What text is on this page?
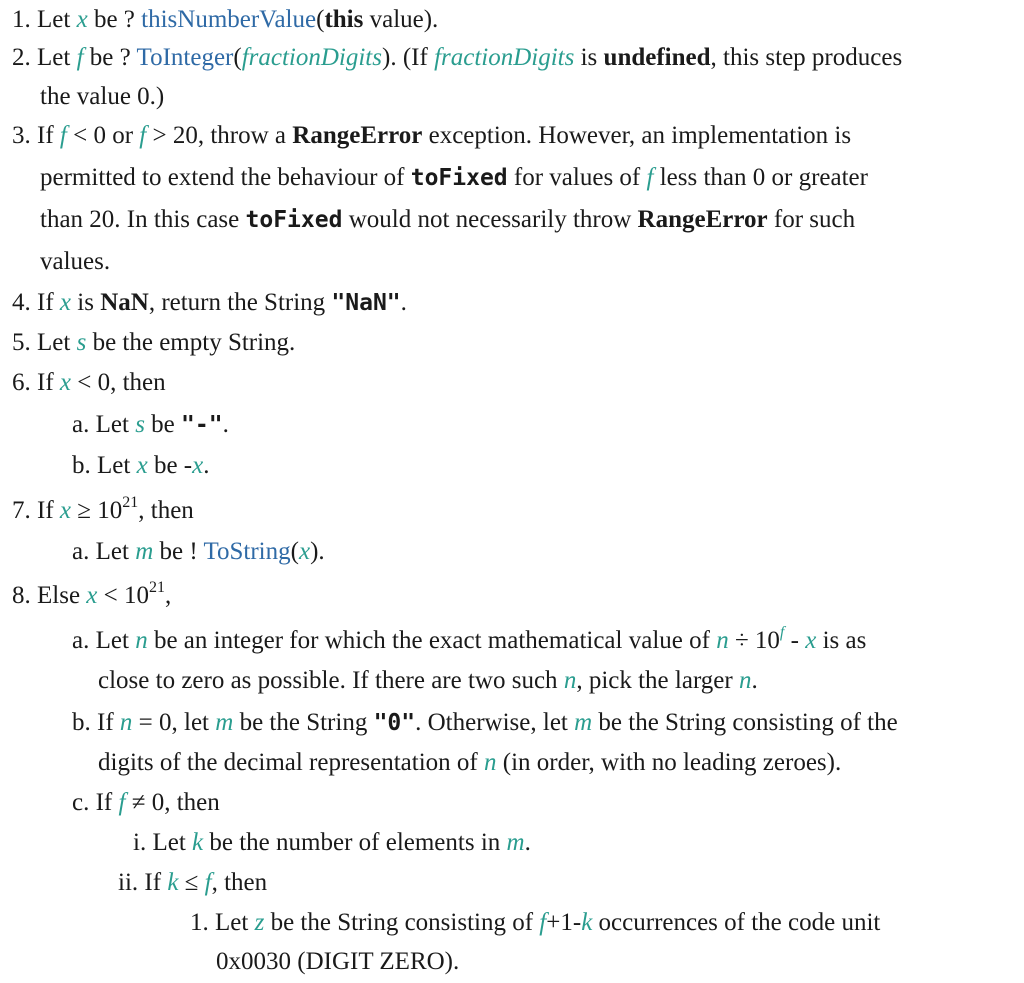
1. Let x be ? thisNumberValue(this value).
2. Let f be ? ToInteger(fractionDigits). (If fractionDigits is undefined, this step produces
the value 0.)
3. If f < 0 or f > 20, throw a RangeError exception. However, an implementation is
permitted to extend the behaviour of toFixed for values of f less than 0 or greater
than 20. In this case toFixed would not necessarily throw RangeError for such
values.
4. If x is NaN, return the String "NaN".
5. Let s be the empty String.
6. If x < 0, then
a. Let s be "-".
b. Let x be -x.
7. If $x \ge 10^{21}$, then
a. Let m be ! ToString(x).
8. Else $x < 10^{21}$,
a. Let n be an integer for which the exact mathematical value of $n \div 10^f - x$ is as
close to zero as possible. If there are two such n, pick the larger n.
b. If n = 0, let m be the String "0". Otherwise, let m be the String consisting of the
digits of the decimal representation of n (in order, with no leading zeroes).
c. If f ≠ 0, then
i. Let k be the number of elements in m.
ii. If k ≤ f, then
1. Let z be the String consisting of f+1-k occurrences of the code unit
0x0030 (DIGIT ZERO).
